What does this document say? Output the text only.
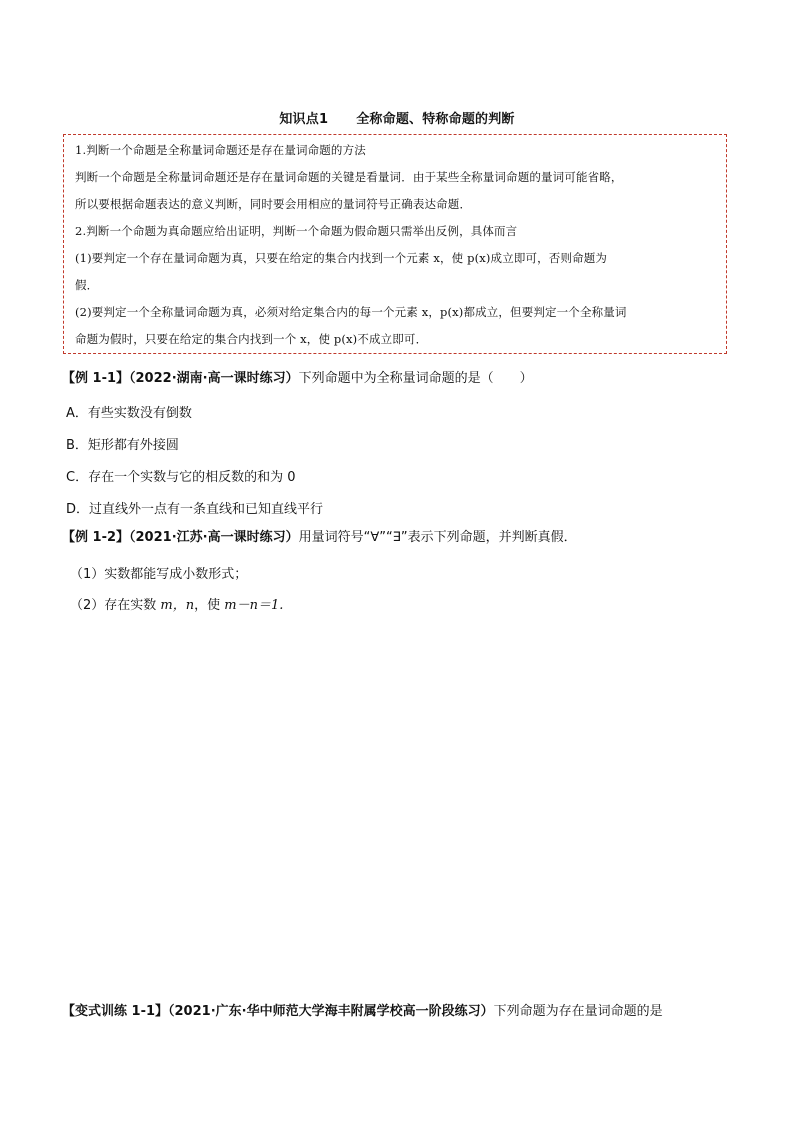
知识点1 全称命题、特称命题的判断
1.判断一个命题是全称量词命题还是存在量词命题的方法
判断一个命题是全称量词命题还是存在量词命题的关键是看量词．由于某些全称量词命题的量词可能省略，
所以要根据命题表达的意义判断，同时要会用相应的量词符号正确表达命题．
2.判断一个命题为真命题应给出证明，判断一个命题为假命题只需举出反例，具体而言
(1)要判定一个存在量词命题为真，只要在给定的集合内找到一个元素 x，使 p(x)成立即可，否则命题为
假．
(2)要判定一个全称量词命题为真，必须对给定集合内的每一个元素 x，p(x)都成立，但要判定一个全称量词
命题为假时，只要在给定的集合内找到一个 x，使 p(x)不成立即可．
【例 1-1】（2022·湖南·高一课时练习）下列命题中为全称量词命题的是（　　）
A．有些实数没有倒数
B．矩形都有外接圆
C．存在一个实数与它的相反数的和为 0
D．过直线外一点有一条直线和已知直线平行
【例 1-2】（2021·江苏·高一课时练习）用量词符号“∀”“∃”表示下列命题，并判断真假．
（1）实数都能写成小数形式；
（2）存在实数 m，n，使 m－n＝1.
【变式训练 1-1】（2021·广东·华中师范大学海丰附属学校高一阶段练习）下列命题为存在量词命题的是
